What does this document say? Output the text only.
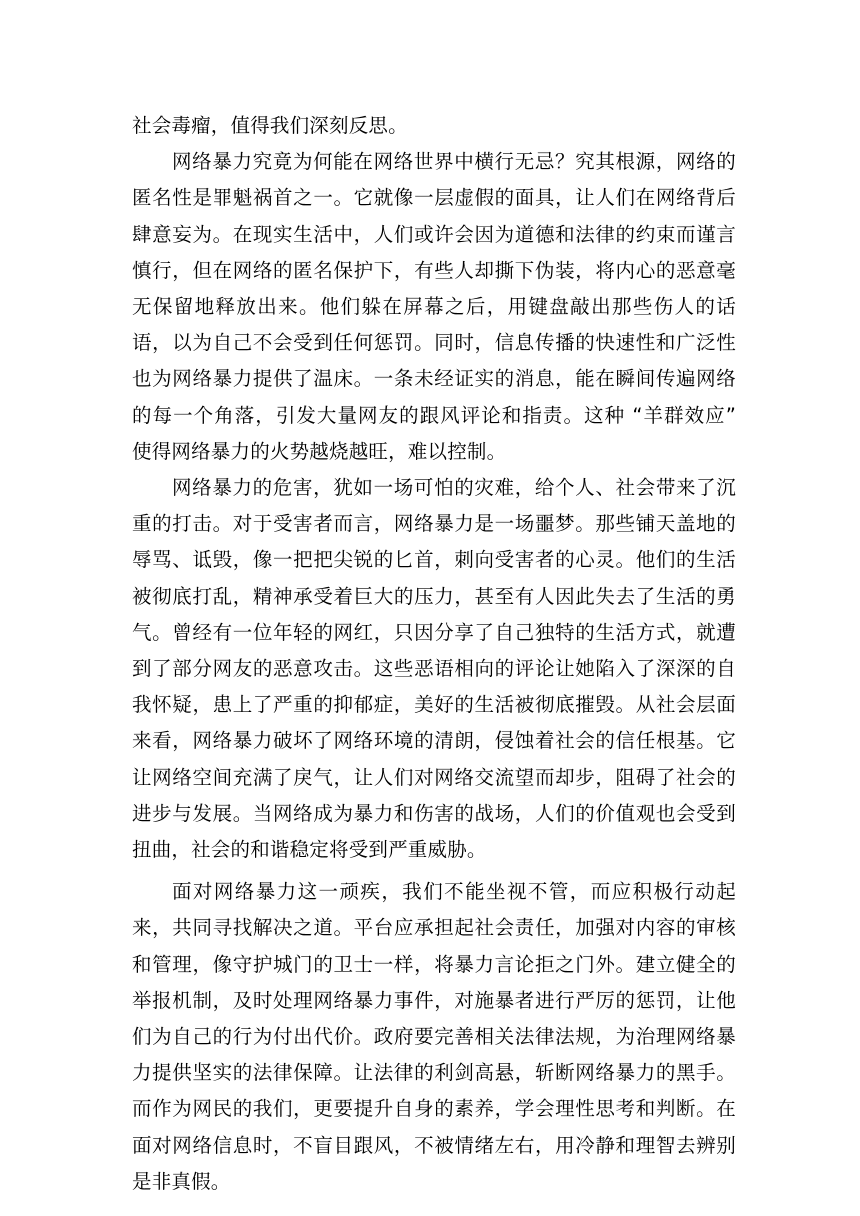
社会毒瘤，值得我们深刻反思。

网络暴力究竟为何能在网络世界中横行无忌？究其根源，网络的匿名性是罪魁祸首之一。它就像一层虚假的面具，让人们在网络背后肆意妄为。在现实生活中，人们或许会因为道德和法律的约束而谨言慎行，但在网络的匿名保护下，有些人却撕下伪装，将内心的恶意毫无保留地释放出来。他们躲在屏幕之后，用键盘敲出那些伤人的话语，以为自己不会受到任何惩罚。同时，信息传播的快速性和广泛性也为网络暴力提供了温床。一条未经证实的消息，能在瞬间传遍网络的每一个角落，引发大量网友的跟风评论和指责。这种 “羊群效应” 使得网络暴力的火势越烧越旺，难以控制。

网络暴力的危害，犹如一场可怕的灾难，给个人、社会带来了沉重的打击。对于受害者而言，网络暴力是一场噩梦。那些铺天盖地的辱骂、诋毁，像一把把尖锐的匕首，刺向受害者的心灵。他们的生活被彻底打乱，精神承受着巨大的压力，甚至有人因此失去了生活的勇气。曾经有一位年轻的网红，只因分享了自己独特的生活方式，就遭到了部分网友的恶意攻击。这些恶语相向的评论让她陷入了深深的自我怀疑，患上了严重的抑郁症，美好的生活被彻底摧毁。从社会层面来看，网络暴力破坏了网络环境的清朗，侵蚀着社会的信任根基。它让网络空间充满了戾气，让人们对网络交流望而却步，阻碍了社会的进步与发展。当网络成为暴力和伤害的战场，人们的价值观也会受到扭曲，社会的和谐稳定将受到严重威胁。

面对网络暴力这一顽疾，我们不能坐视不管，而应积极行动起来，共同寻找解决之道。平台应承担起社会责任，加强对内容的审核和管理，像守护城门的卫士一样，将暴力言论拒之门外。建立健全的举报机制，及时处理网络暴力事件，对施暴者进行严厉的惩罚，让他们为自己的行为付出代价。政府要完善相关法律法规，为治理网络暴力提供坚实的法律保障。让法律的利剑高悬，斩断网络暴力的黑手。而作为网民的我们，更要提升自身的素养，学会理性思考和判断。在面对网络信息时，不盲目跟风，不被情绪左右，用冷静和理智去辨别是非真假。
